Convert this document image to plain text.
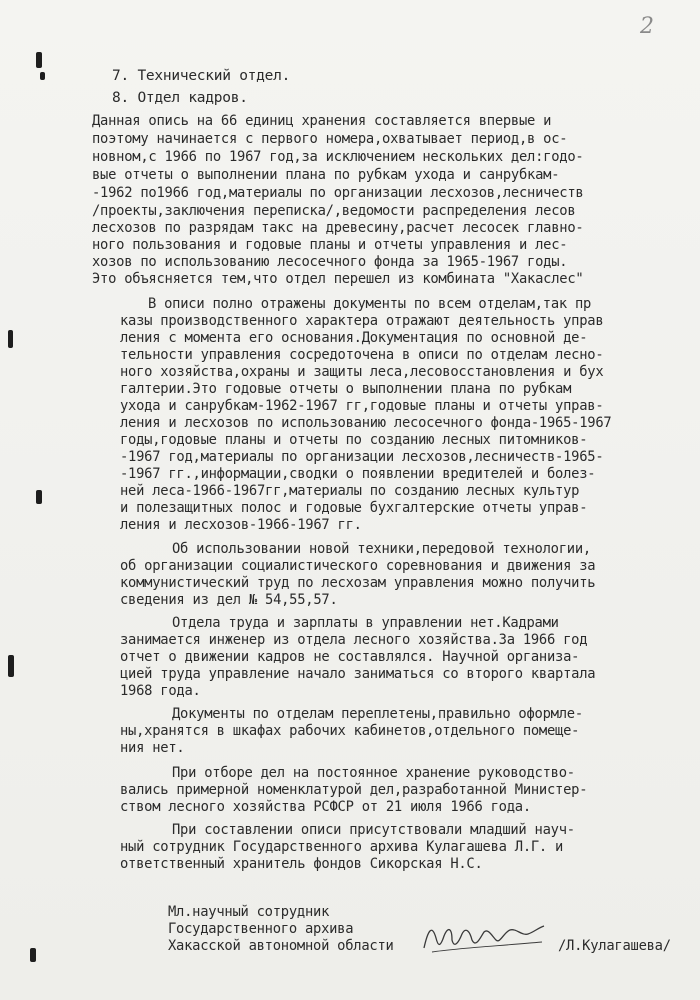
2
7. Технический отдел.
8. Отдел кадров.
Данная опись на 66 единиц хранения составляется впервые и
поэтому начинается с первого номера,охватывает период,в ос-
новном,с 1966 по 1967 год,за исключением нескольких дел:годо-
вые отчеты о выполнении плана по рубкам ухода и санрубкам-
-1962 по1966 год,материалы по организации лесхозов,лесничеств
/проекты,заключения переписка/,ведомости распределения лесов
лесхозов по разрядам такс на древесину,расчет лесосек главно-
ного пользования и годовые планы и отчеты управления и лес-
хозов по использованию лесосечного фонда за 1965-1967 годы.
Это объясняется тем,что отдел перешел из комбината "Хакаслес"
В описи полно отражены документы по всем отделам,так пр
казы производственного характера отражают деятельность управ
ления с момента его основания.Документация по основной де-
тельности управления сосредоточена в описи по отделам лесно-
ного хозяйства,охраны и защиты леса,лесовосстановления и бух
галтерии.Это годовые отчеты о выполнении плана по рубкам
ухода и санрубкам-1962-1967 гг,годовые планы и отчеты управ-
ления и лесхозов по использованию лесосечного фонда-1965-1967
годы,годовые планы и отчеты по созданию лесных питомников-
-1967 год,материалы по организации лесхозов,лесничеств-1965-
-1967 гг.,информации,сводки о появлении вредителей и болез-
ней леса-1966-1967гг,материалы по созданию лесных культур
и полезащитных полос и годовые бухгалтерские отчеты управ-
ления и лесхозов-1966-1967 гг.
Об использовании новой техники,передовой технологии,
об организации социалистического соревнования и движения за
коммунистический труд по лесхозам управления можно получить
сведения из дел № 54,55,57.
Отдела труда и зарплаты в управлении нет.Кадрами
занимается инженер из отдела лесного хозяйства.За 1966 год
отчет о движении кадров не составлялся. Научной организа-
цией труда управление начало заниматься со второго квартала
1968 года.
Документы по отделам переплетены,правильно оформле-
ны,хранятся в шкафах рабочих кабинетов,отдельного помеще-
ния нет.
При отборе дел на постоянное хранение руководство-
вались примерной номенклатурой дел,разработанной Министер-
ством лесного хозяйства РСФСР от 21 июля 1966 года.
При составлении описи присутствовали младший науч-
ный сотрудник Государственного архива Кулагашева Л.Г. и
ответственный хранитель фондов Сикорская Н.С.
Мл.научный сотрудник
Государственного архива
Хакасской автономной области	/Л.Кулагашева/
